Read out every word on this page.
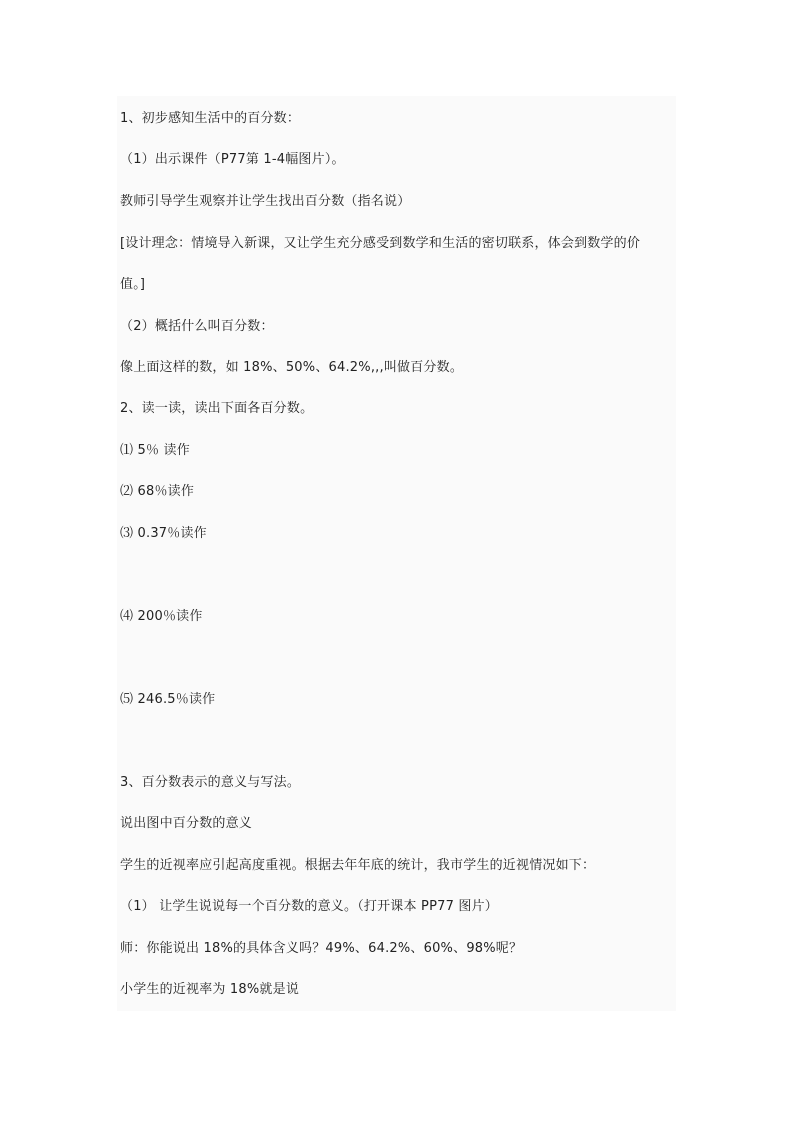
1、初步感知生活中的百分数：
（1）出示课件（P77第 1-4幅图片）。
教师引导学生观察并让学生找出百分数（指名说）
[设计理念：情境导入新课，又让学生充分感受到数学和生活的密切联系，体会到数学的价
值。]
（2）概括什么叫百分数：
像上面这样的数，如 18%、50%、64.2%,,,叫做百分数。
2、读一读，读出下面各百分数。
⑴ 5％ 读作
⑵ 68％读作
⑶ 0.37％读作
⑷ 200％读作
⑸ 246.5％读作
3、百分数表示的意义与写法。
说出图中百分数的意义
学生的近视率应引起高度重视。根据去年年底的统计，我市学生的近视情况如下：
（1） 让学生说说每一个百分数的意义。（打开课本 PP77 图片）
师：你能说出 18%的具体含义吗？49%、64.2%、60%、98%呢？
小学生的近视率为 18%就是说
